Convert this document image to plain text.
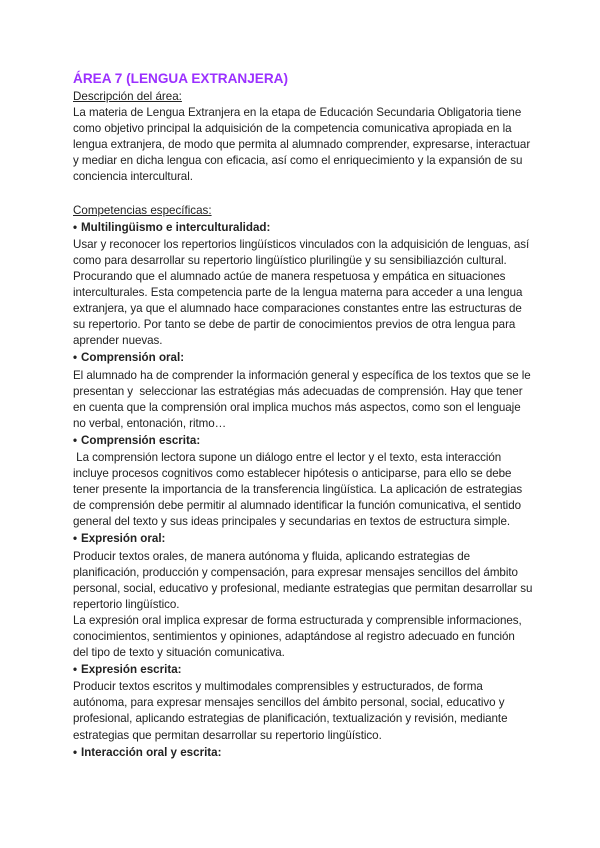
ÁREA 7 (LENGUA EXTRANJERA)

Descripción del área:

La materia de Lengua Extranjera en la etapa de Educación Secundaria Obligatoria tiene como objetivo principal la adquisición de la competencia comunicativa apropiada en la lengua extranjera, de modo que permita al alumnado comprender, expresarse, interactuar y mediar en dicha lengua con eficacia, así como el enriquecimiento y la expansión de su conciencia intercultural.

Competencias específicas:

• Multilingüismo e interculturalidad:

Usar y reconocer los repertorios lingüísticos vinculados con la adquisición de lenguas, así como para desarrollar su repertorio lingüístico plurilingüe y su sensibiliazción cultural. Procurando que el alumnado actúe de manera respetuosa y empática en situaciones interculturales. Esta competencia parte de la lengua materna para acceder a una lengua extranjera, ya que el alumnado hace comparaciones constantes entre las estructuras de su repertorio. Por tanto se debe de partir de conocimientos previos de otra lengua para aprender nuevas.

• Comprensión oral:

El alumnado ha de comprender la información general y específica de los textos que se le presentan y  seleccionar las estratégias más adecuadas de comprensión. Hay que tener en cuenta que la comprensión oral implica muchos más aspectos, como son el lenguaje no verbal, entonación, ritmo…

• Comprensión escrita:

La comprensión lectora supone un diálogo entre el lector y el texto, esta interacción incluye procesos cognitivos como establecer hipótesis o anticiparse, para ello se debe tener presente la importancia de la transferencia lingüística. La aplicación de estrategias de comprensión debe permitir al alumnado identificar la función comunicativa, el sentido general del texto y sus ideas principales y secundarias en textos de estructura simple.

• Expresión oral:

Producir textos orales, de manera autónoma y fluida, aplicando estrategias de planificación, producción y compensación, para expresar mensajes sencillos del ámbito personal, social, educativo y profesional, mediante estrategias que permitan desarrollar su repertorio lingüístico.

La expresión oral implica expresar de forma estructurada y comprensible informaciones, conocimientos, sentimientos y opiniones, adaptándose al registro adecuado en función del tipo de texto y situación comunicativa.

• Expresión escrita:

Producir textos escritos y multimodales comprensibles y estructurados, de forma autónoma, para expresar mensajes sencillos del ámbito personal, social, educativo y profesional, aplicando estrategias de planificación, textualización y revisión, mediante estrategias que permitan desarrollar su repertorio lingüístico.

• Interacción oral y escrita:
